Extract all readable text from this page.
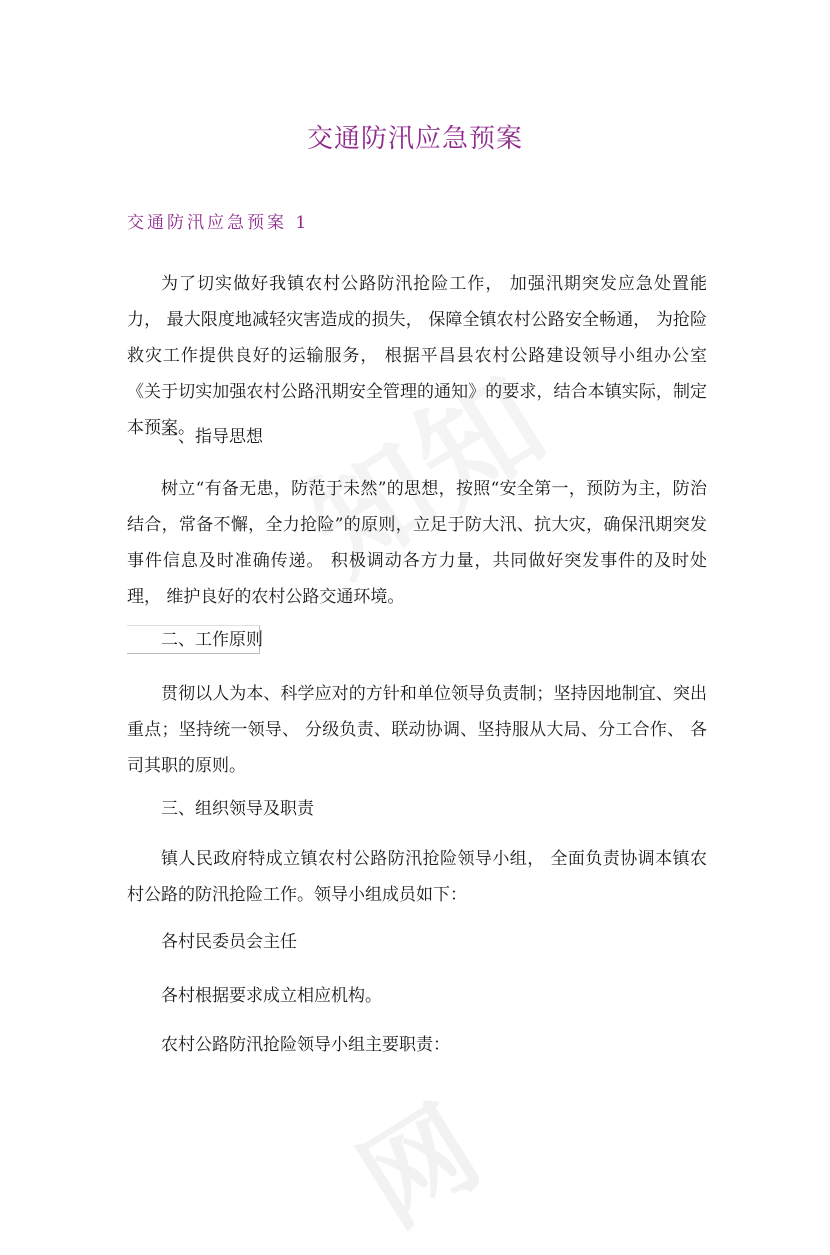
网
交通防汛应急预案
交通防汛应急预案 1
为了切实做好我镇农村公路防汛抢险工作， 加强汛期突发应急处置能力， 最大限度地减轻灾害造成的损失， 保障全镇农村公路安全畅通， 为抢险救灾工作提供良好的运输服务， 根据平昌县农村公路建设领导小组办公室《关于切实加强农村公路汛期安全管理的通知》的要求，结合本镇实际，制定本预案。
一、指导思想
树立“有备无患，防范于未然”的思想，按照“安全第一，预防为主，防治结合，常备不懈，全力抢险”的原则，立足于防大汛、抗大灾，确保汛期突发事件信息及时准确传递。 积极调动各方力量，共同做好突发事件的及时处理， 维护良好的农村公路交通环境。
二、工作原则
贯彻以人为本、科学应对的方针和单位领导负责制；坚持因地制宜、突出重点；坚持统一领导、 分级负责、联动协调、坚持服从大局、分工合作、 各司其职的原则。
三、组织领导及职责
镇人民政府特成立镇农村公路防汛抢险领导小组， 全面负责协调本镇农村公路的防汛抢险工作。领导小组成员如下：
各村民委员会主任
各村根据要求成立相应机构。
农村公路防汛抢险领导小组主要职责：
